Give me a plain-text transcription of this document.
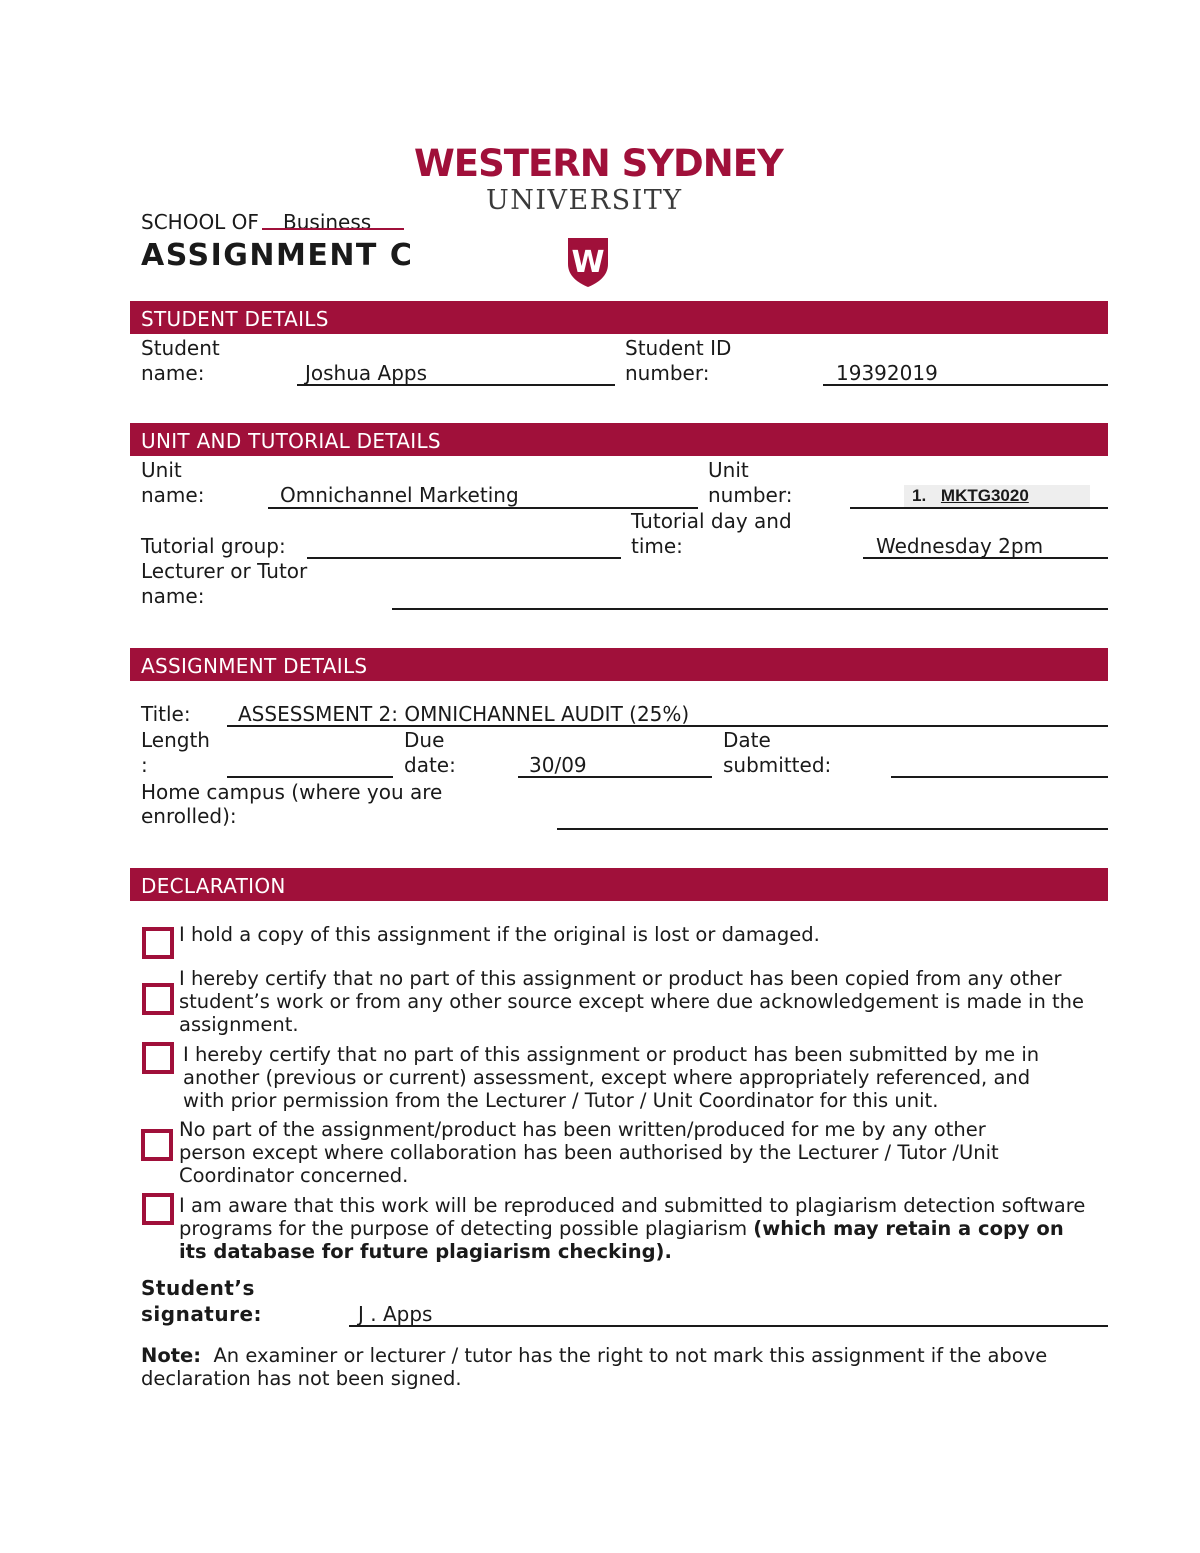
WESTERN SYDNEY
UNIVERSITY
W
SCHOOL OF Business
ASSIGNMENT C
STUDENT DETAILS
Student
name:	Joshua Apps
Student ID
number:	19392019
UNIT AND TUTORIAL DETAILS
Unit
name:	Omnichannel Marketing
Unit
number:	1. MKTG3020
Tutorial group:
Tutorial day and
time:	Wednesday 2pm
Lecturer or Tutor
name:
ASSIGNMENT DETAILS
Title: ASSESSMENT 2: OMNICHANNEL AUDIT (25%)
Length
:
Due
date:	30/09
Date
submitted:
Home campus (where you are
enrolled):
DECLARATION
I hold a copy of this assignment if the original is lost or damaged.
I hereby certify that no part of this assignment or product has been copied from any other
student’s work or from any other source except where due acknowledgement is made in the
assignment.
I hereby certify that no part of this assignment or product has been submitted by me in
another (previous or current) assessment, except where appropriately referenced, and
with prior permission from the Lecturer / Tutor / Unit Coordinator for this unit.
No part of the assignment/product has been written/produced for me by any other
person except where collaboration has been authorised by the Lecturer / Tutor /Unit
Coordinator concerned.
I am aware that this work will be reproduced and submitted to plagiarism detection software
programs for the purpose of detecting possible plagiarism (which may retain a copy on
its database for future plagiarism checking).
Student’s
signature:	J . Apps
Note: An examiner or lecturer / tutor has the right to not mark this assignment if the above
declaration has not been signed.
